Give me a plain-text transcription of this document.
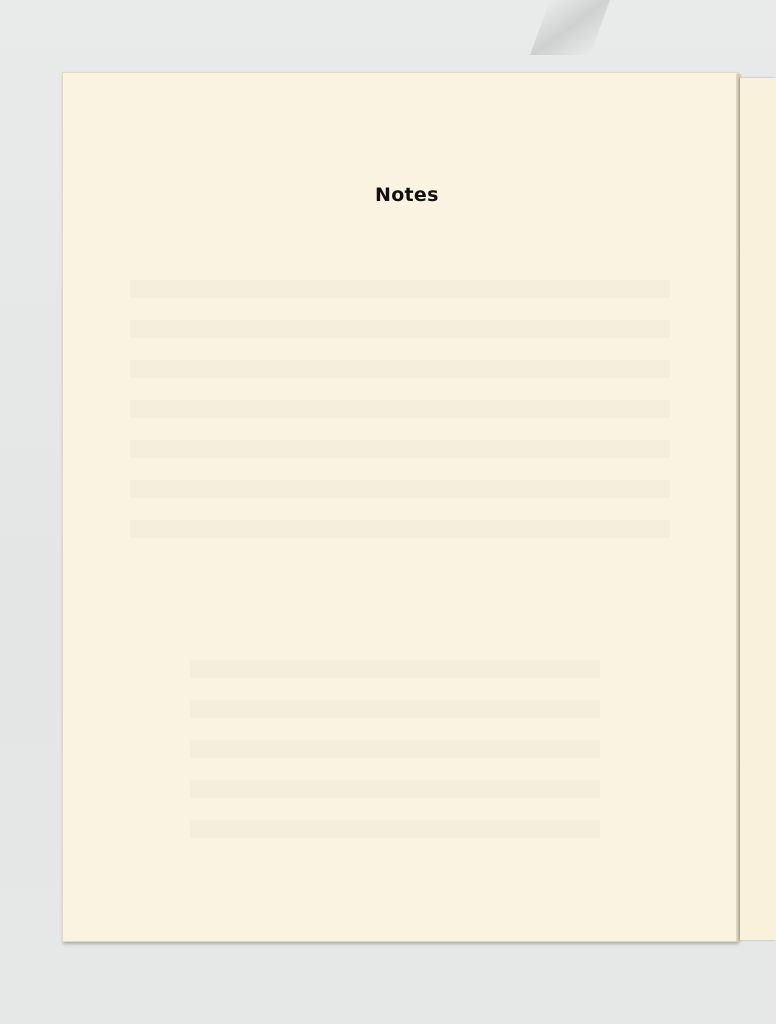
Notes
